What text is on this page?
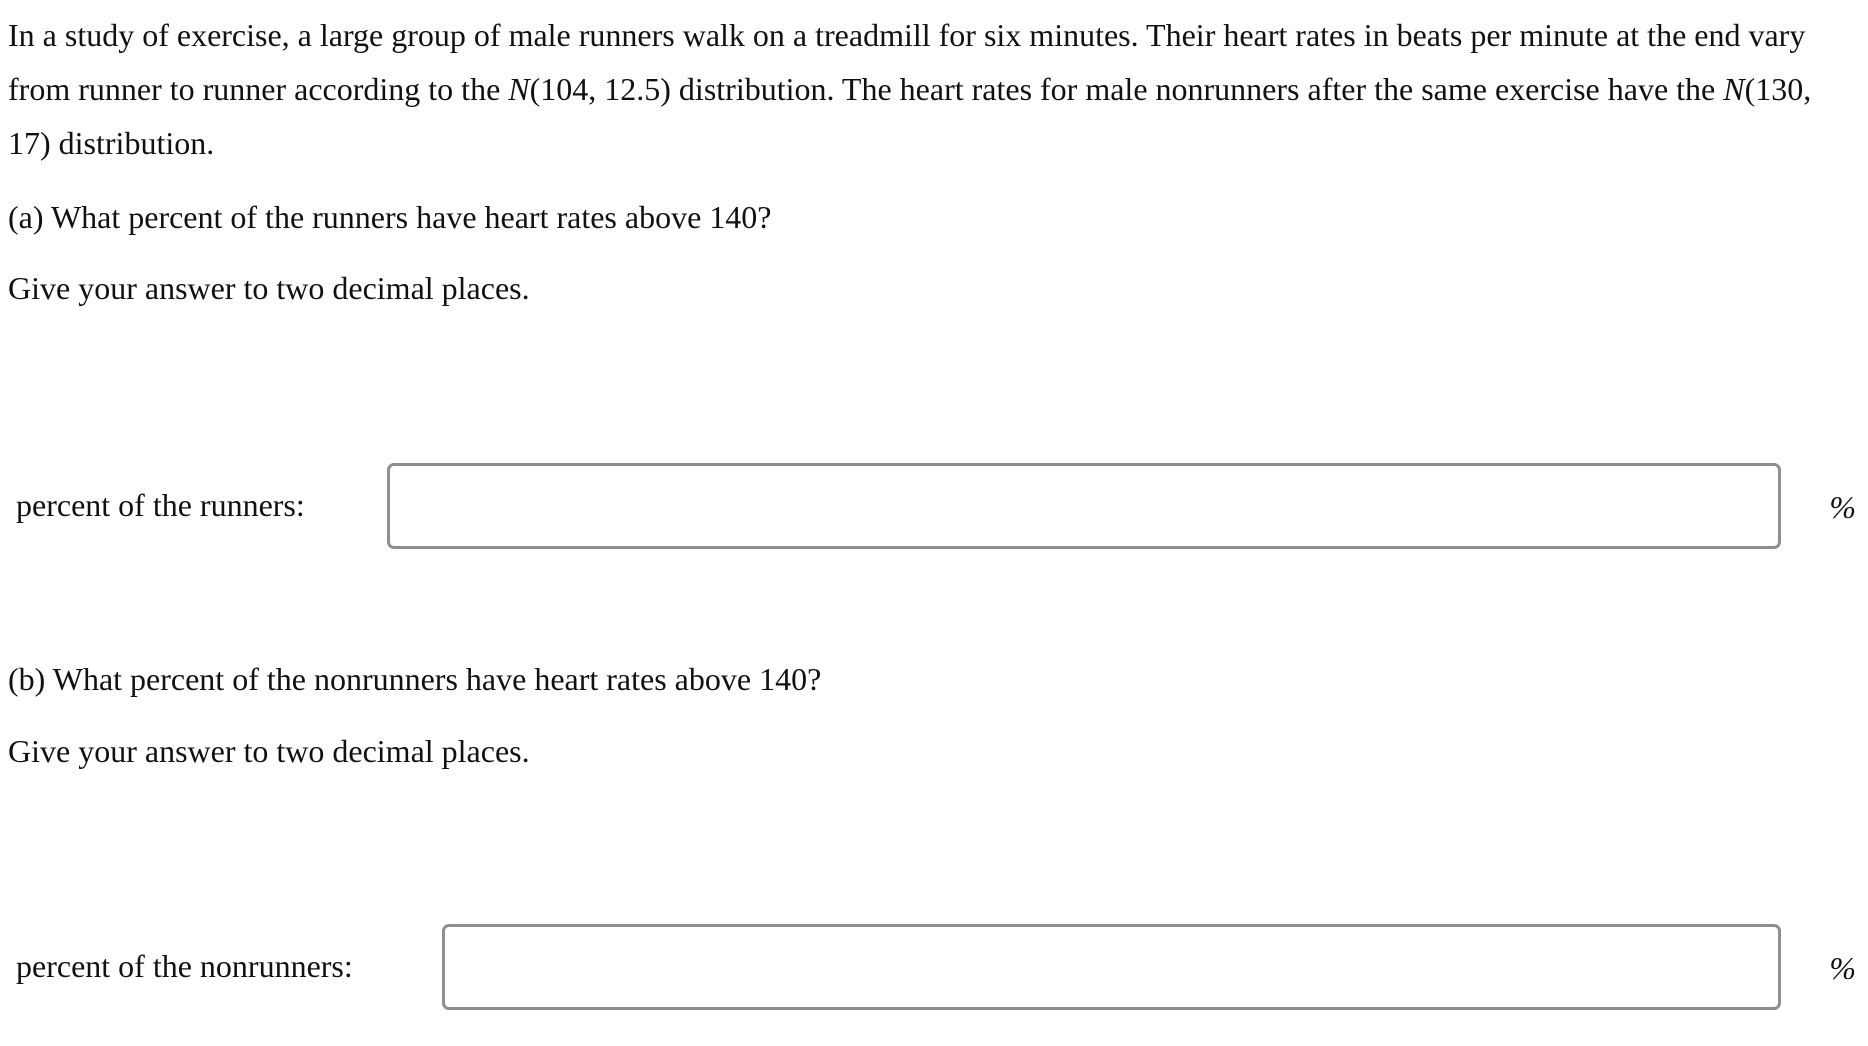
In a study of exercise, a large group of male runners walk on a treadmill for six minutes. Their heart rates in beats per minute at the end vary from runner to runner according to the N(104, 12.5) distribution. The heart rates for male nonrunners after the same exercise have the N(130, 17) distribution.

(a) What percent of the runners have heart rates above 140?

Give your answer to two decimal places.

percent of the runners:	%

(b) What percent of the nonrunners have heart rates above 140?

Give your answer to two decimal places.

percent of the nonrunners:	%
